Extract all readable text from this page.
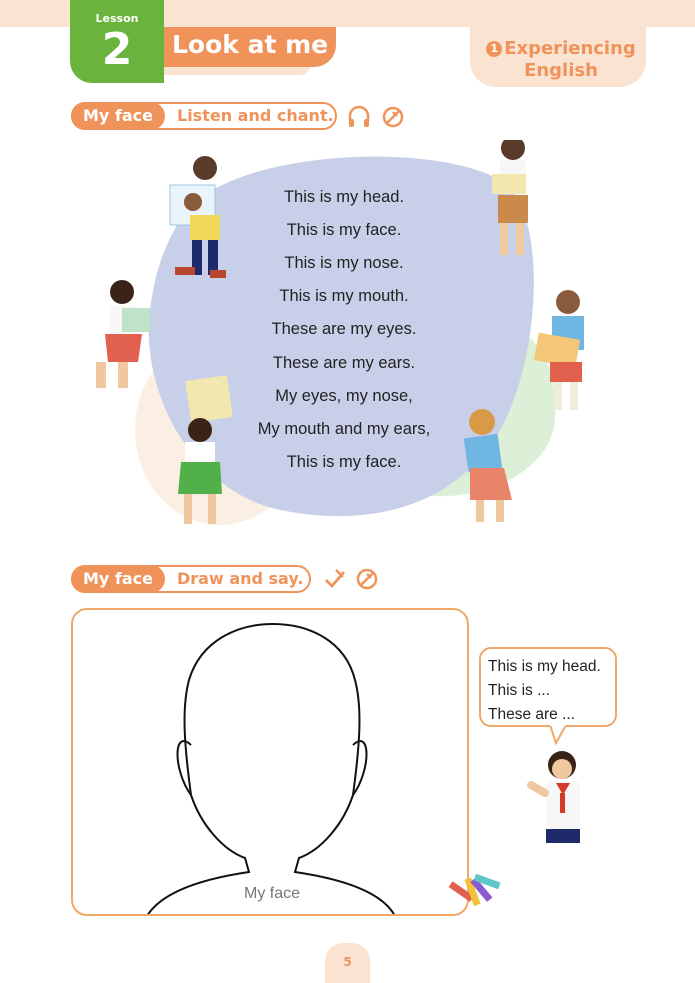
1 Experiencing
English
Lesson
2	Look at me
My face	Listen and chant.
This is my head.
This is my face.
This is my nose.
This is my mouth.
These are my eyes.
These are my ears.
My eyes, my nose,
My mouth and my ears,
This is my face.
My face	Draw and say.
My face
This is my head.
This is ...
These are ...
5
